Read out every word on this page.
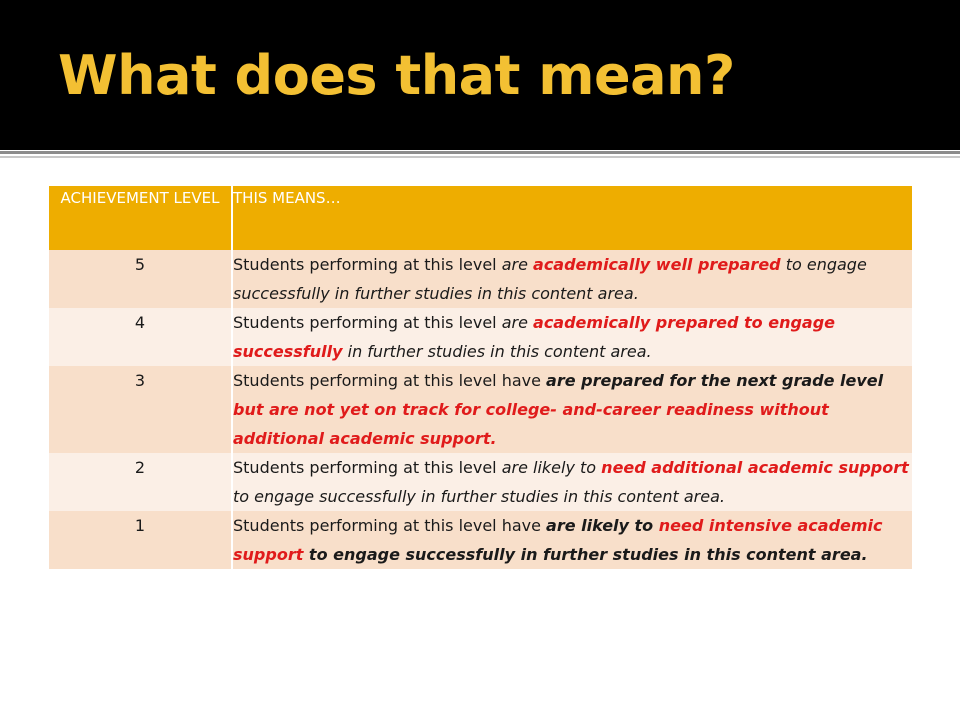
What does that mean?
ACHIEVEMENT LEVEL	THIS MEANS…
5	Students performing at this level are academically well prepared to engage successfully in further studies in this content area.
4	Students performing at this level are academically prepared to engage successfully in further studies in this content area.
3	Students performing at this level have are prepared for the next grade level but are not yet on track for college- and-career readiness without additional academic support.
2	Students performing at this level are likely to need additional academic support to engage successfully in further studies in this content area.
1	Students performing at this level have are likely to need intensive academic support to engage successfully in further studies in this content area.
